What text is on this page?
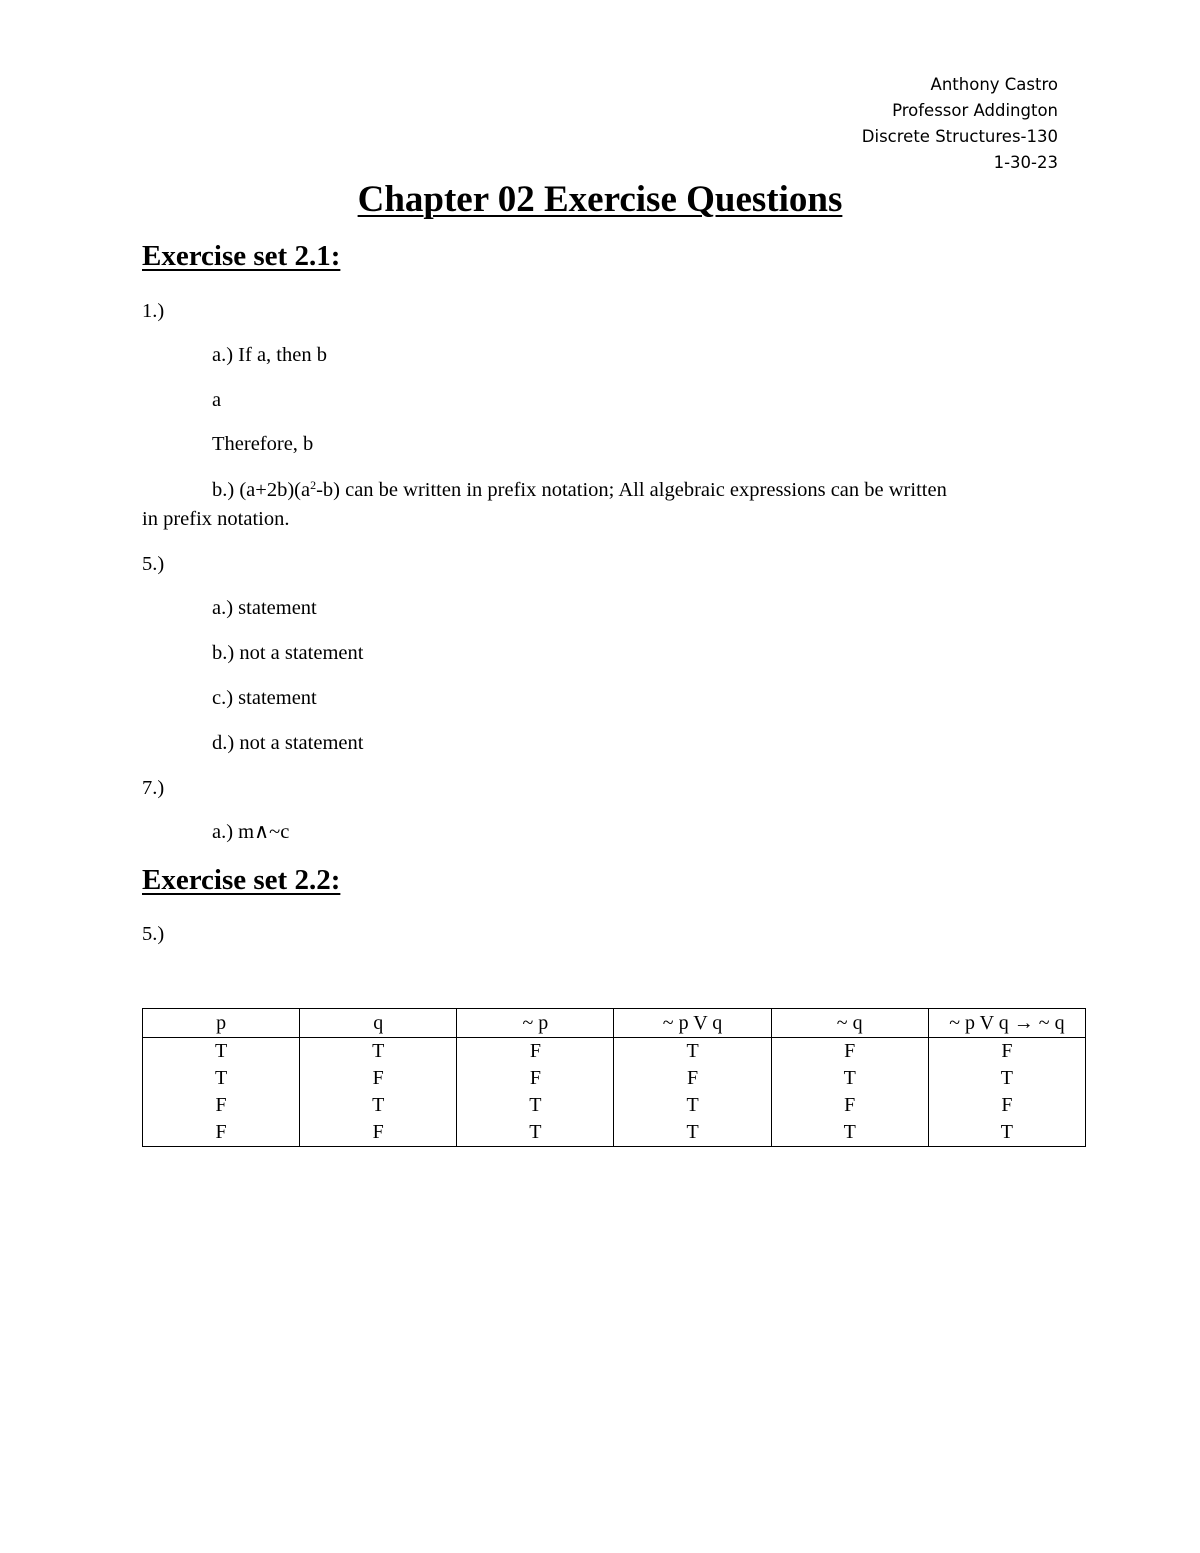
Anthony Castro
Professor Addington
Discrete Structures-130
1-30-23
Chapter 02 Exercise Questions
Exercise set 2.1:
1.)
a.) If a, then b
a
Therefore, b
b.) $(a+2b)(a^2-b)$ can be written in prefix notation; All algebraic expressions can be written
in prefix notation.
5.)
a.) statement
b.) not a statement
c.) statement
d.) not a statement
7.)
a.) m∧~c
Exercise set 2.2:
5.)
p	q	~ p	~ p V q	~ q	~ p V q → ~ q
T	T	F	T	F	F
T	F	F	F	T	T
F	T	T	T	F	F
F	F	T	T	T	T
